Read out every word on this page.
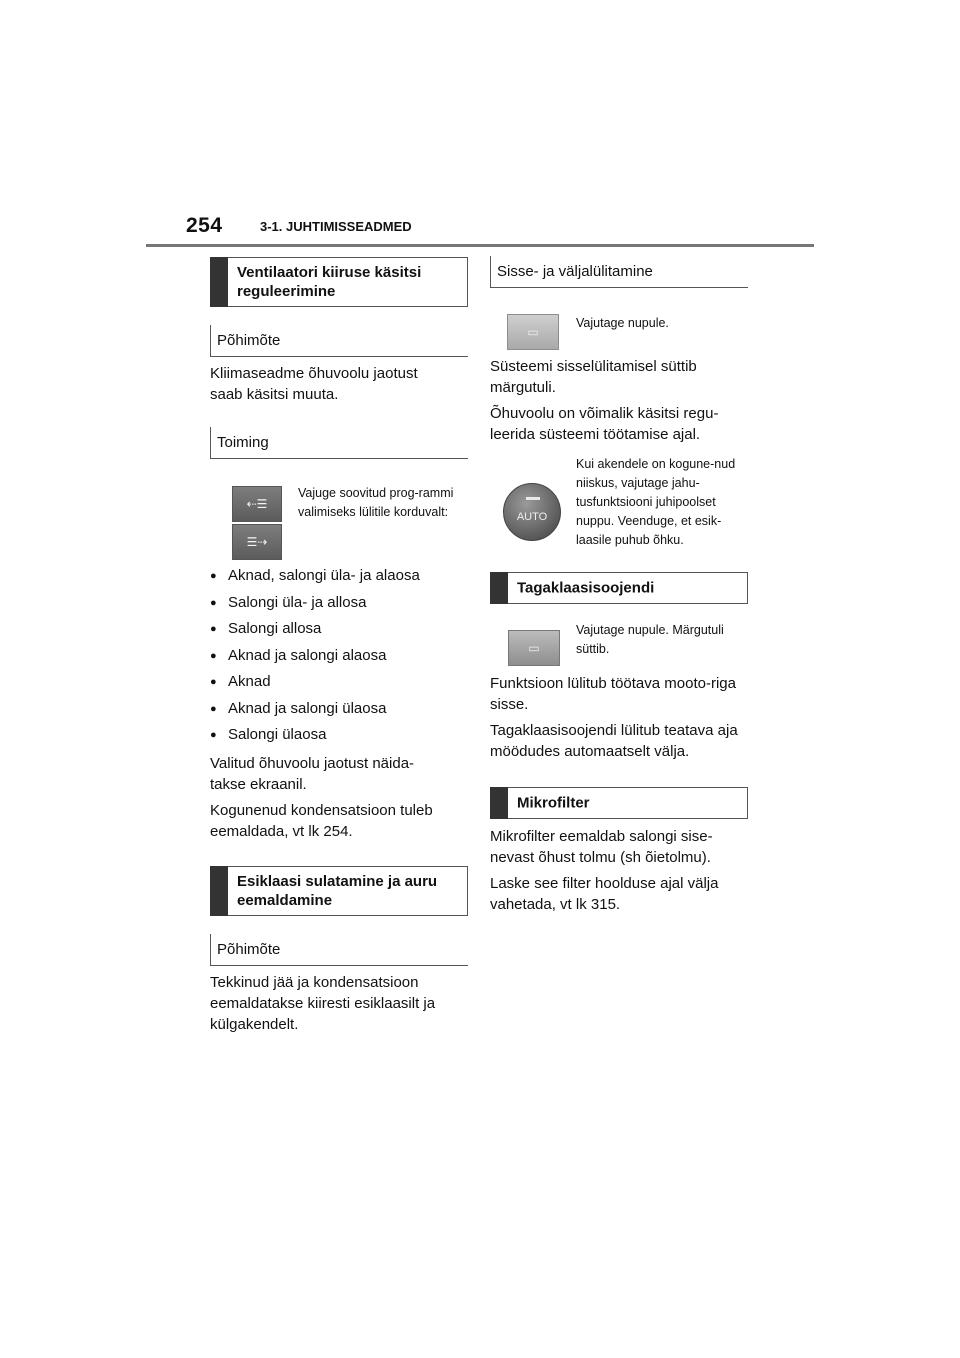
254	3-1. JUHTIMISSEADMED
Ventilaatori kiiruse käsitsi reguleerimine
Põhimõte
Kliimaseadme õhuvoolu jaotust saab käsitsi muuta.
Toiming
⇠☰
☰⇢
Vajuge soovitud prog-rammi valimiseks lülitile korduvalt:
● Aknad, salongi üla- ja alaosa
● Salongi üla- ja allosa
● Salongi allosa
● Aknad ja salongi alaosa
● Aknad
● Aknad ja salongi ülaosa
● Salongi ülaosa
Valitud õhuvoolu jaotust näida-takse ekraanil.
Kogunenud kondensatsioon tuleb eemaldada, vt lk 254.
Esiklaasi sulatamine ja auru eemaldamine
Põhimõte
Tekkinud jää ja kondensatsioon eemaldatakse kiiresti esiklaasilt ja külgakendelt.
Sisse- ja väljalülitamine
▭
Vajutage nupule.
Süsteemi sisselülitamisel süttib märgutuli.
Õhuvoolu on võimalik käsitsi regu-leerida süsteemi töötamise ajal.
AUTO
Kui akendele on kogune-nud niiskus, vajutage jahu-tusfunktsiooni juhipoolset nuppu. Veenduge, et esik-laasile puhub õhku.
Tagaklaasisoojendi
▭
Vajutage nupule. Märgutuli süttib.
Funktsioon lülitub töötava mooto-riga sisse.
Tagaklaasisoojendi lülitub teatava aja möödudes automaatselt välja.
Mikrofilter
Mikrofilter eemaldab salongi sise-nevast õhust tolmu (sh õietolmu).
Laske see filter hoolduse ajal välja vahetada, vt lk 315.
